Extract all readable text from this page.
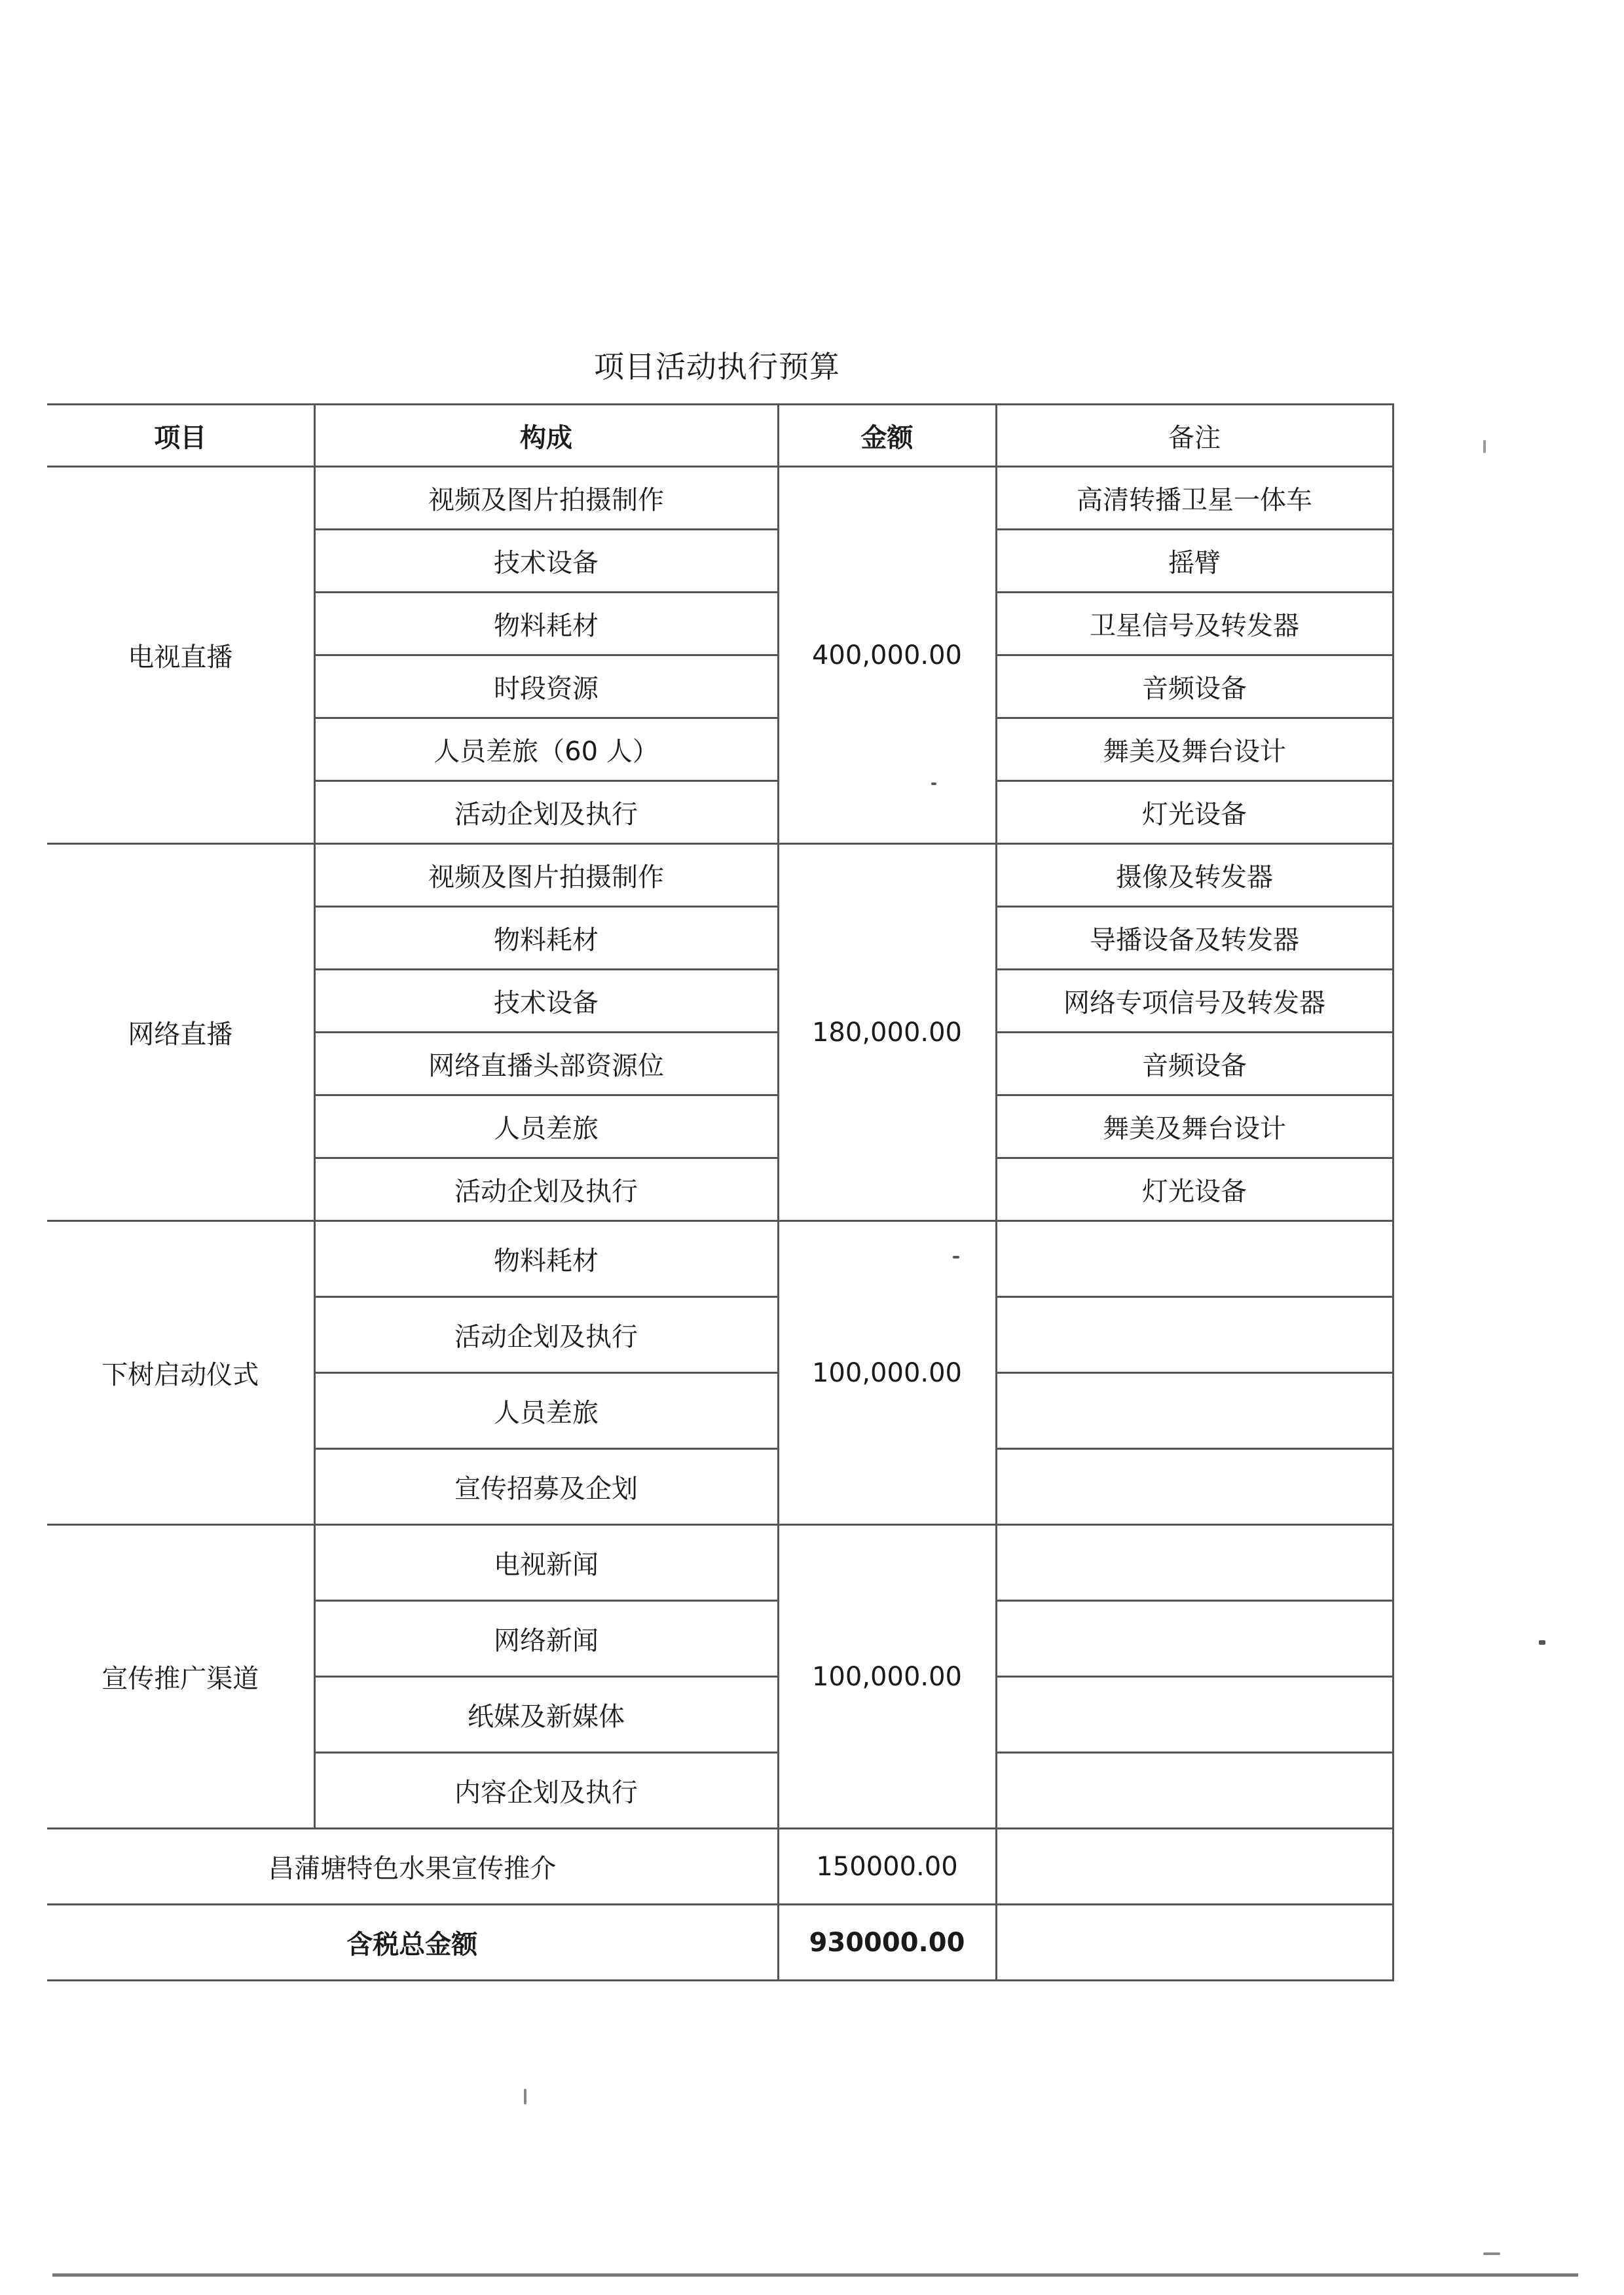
项目活动执行预算
项目	构成	金额	备注
电视直播	视频及图片拍摄制作	400,000.00	高清转播卫星一体车
	技术设备		摇臂
	物料耗材		卫星信号及转发器
	时段资源		音频设备
	人员差旅（60 人）		舞美及舞台设计
	活动企划及执行		灯光设备
网络直播	视频及图片拍摄制作	180,000.00	摄像及转发器
	物料耗材		导播设备及转发器
	技术设备		网络专项信号及转发器
	网络直播头部资源位		音频设备
	人员差旅		舞美及舞台设计
	活动企划及执行		灯光设备
下树启动仪式	物料耗材	100,000.00	
	活动企划及执行		
	人员差旅		
	宣传招募及企划		
宣传推广渠道	电视新闻	100,000.00	
	网络新闻		
	纸媒及新媒体		
	内容企划及执行		
昌蒲塘特色水果宣传推介		150000.00	
含税总金额		930000.00	
